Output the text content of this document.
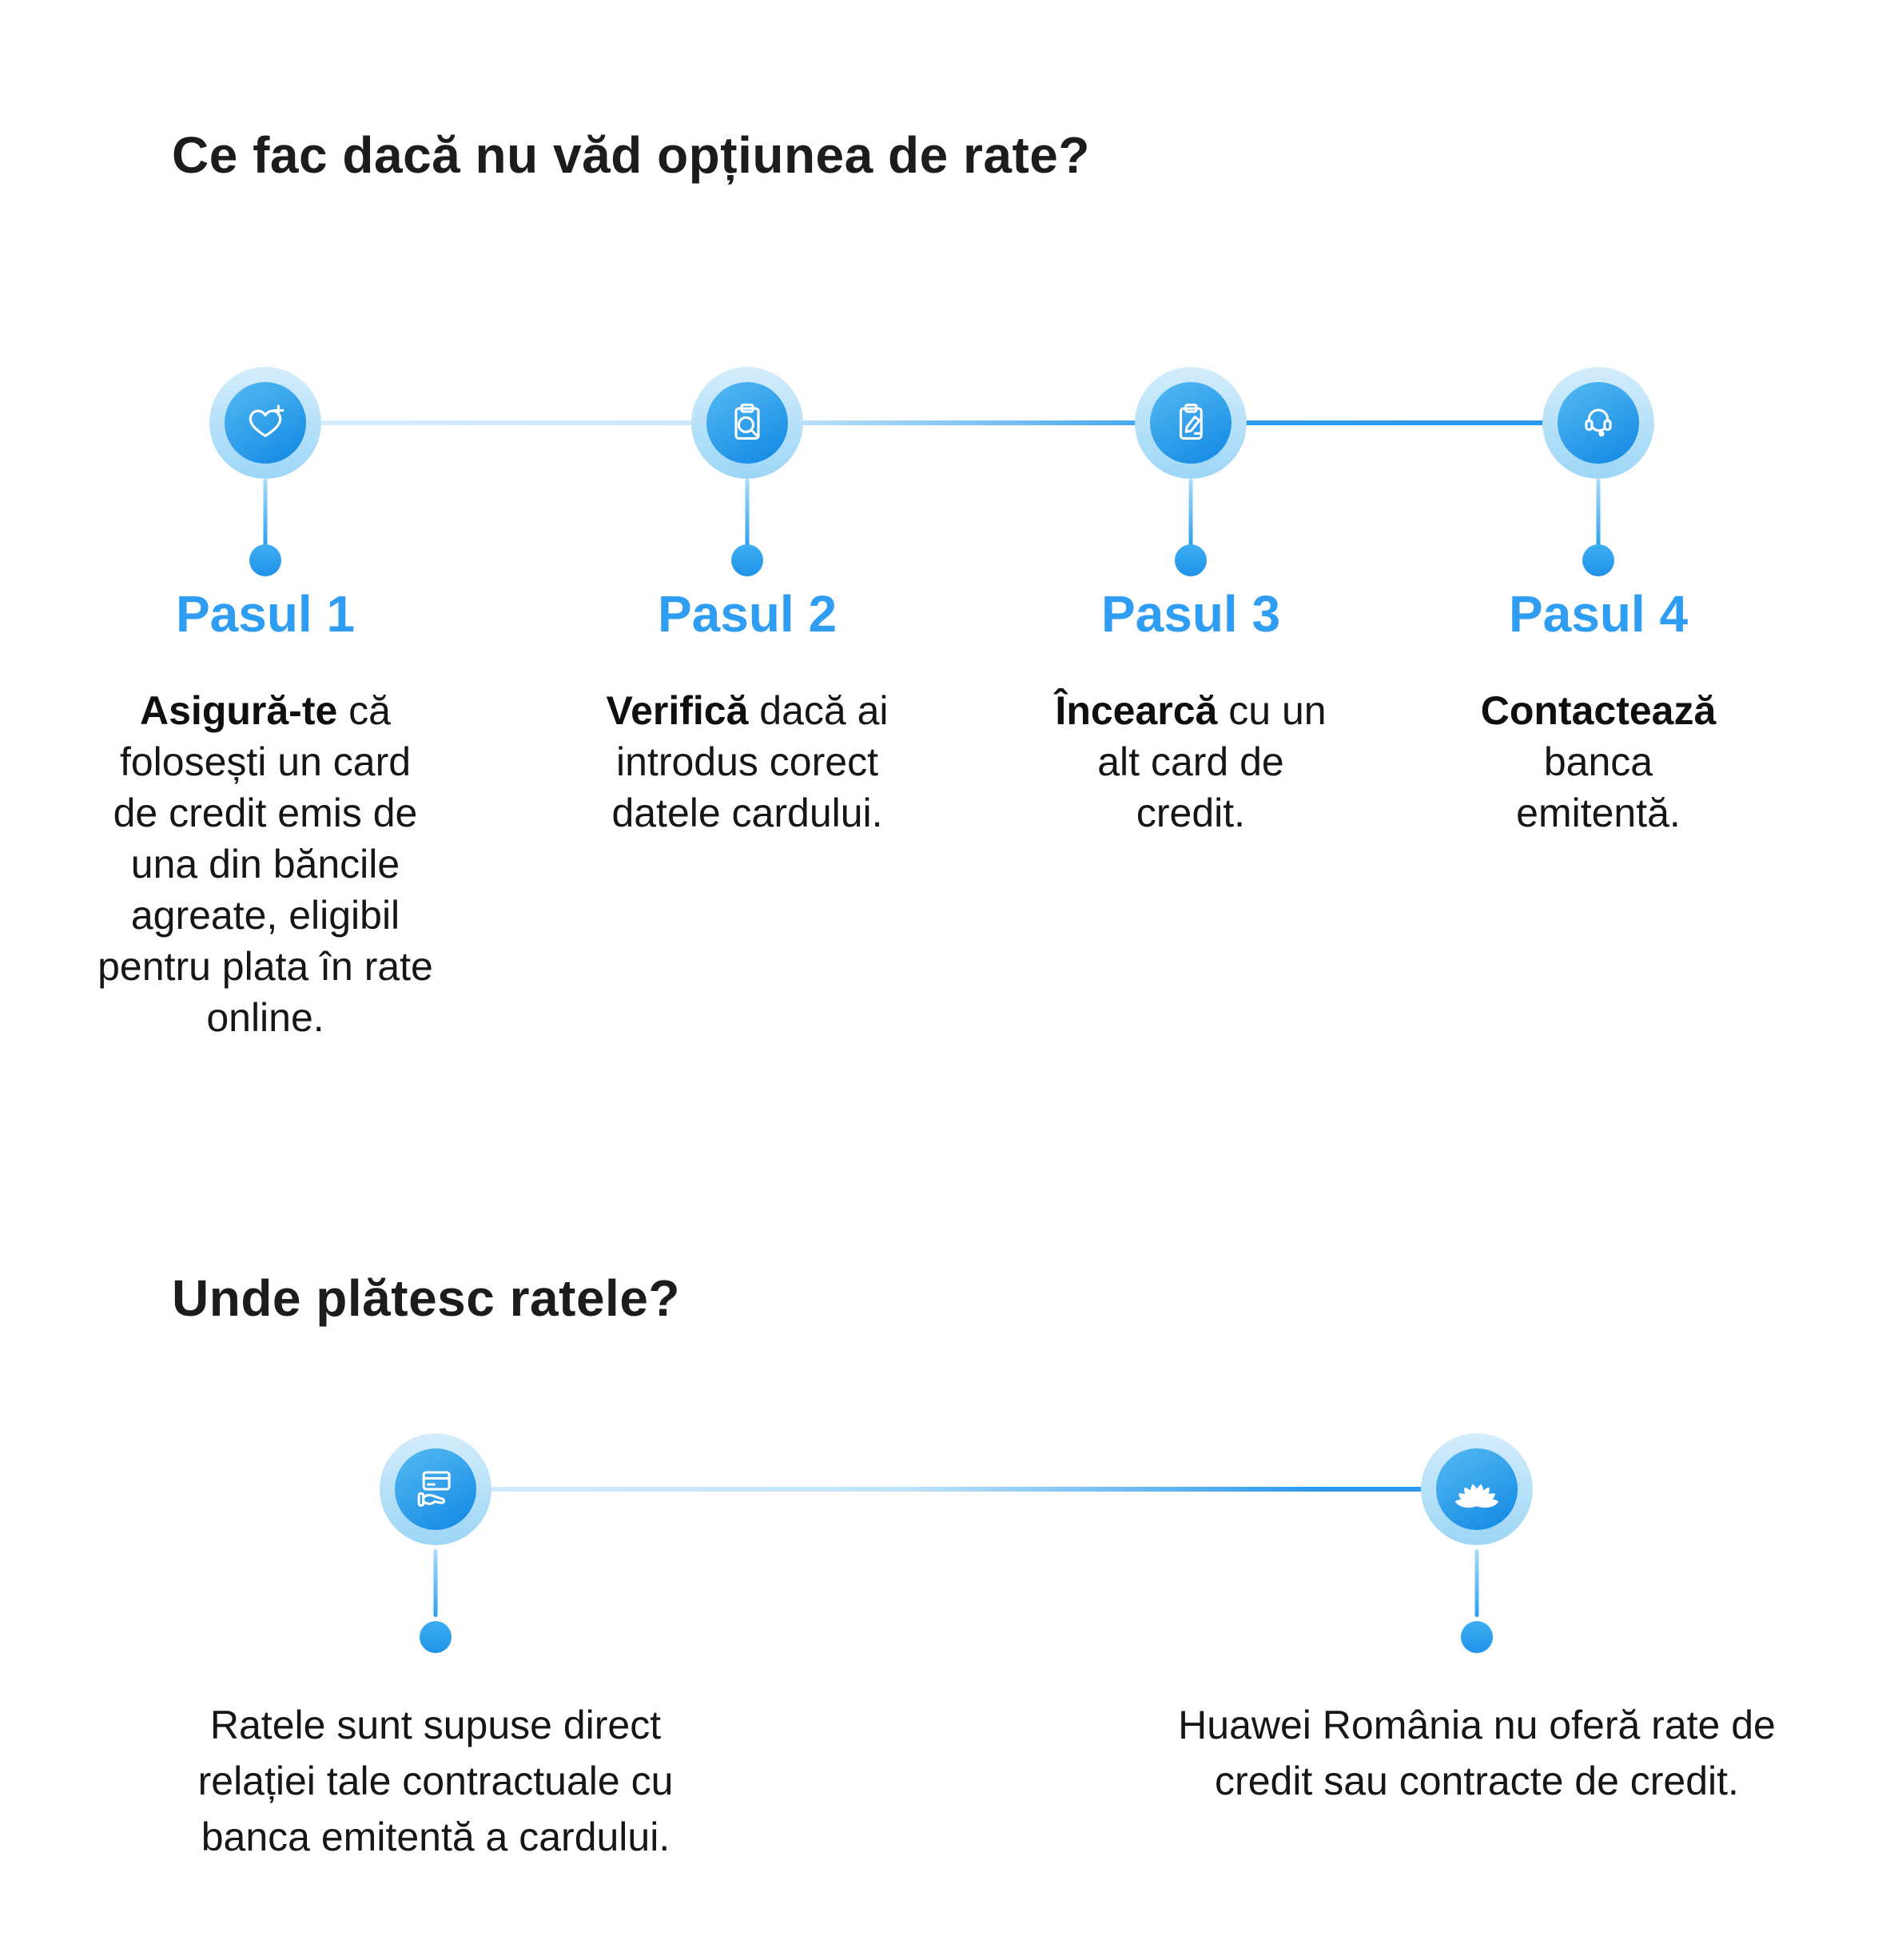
Ce fac dacă nu văd opțiunea de rate?
Pasul 1
Asigură-te că folosești un card de credit emis de una din băncile agreate, eligibil pentru plata în rate online.
Pasul 2
Verifică dacă ai introdus corect datele cardului.
Pasul 3
Încearcă cu un alt card de credit.
Pasul 4
Contactează banca emitentă.
Unde plătesc ratele?
Ratele sunt supuse direct relației tale contractuale cu banca emitentă a cardului.
Huawei România nu oferă rate de credit sau contracte de credit.
